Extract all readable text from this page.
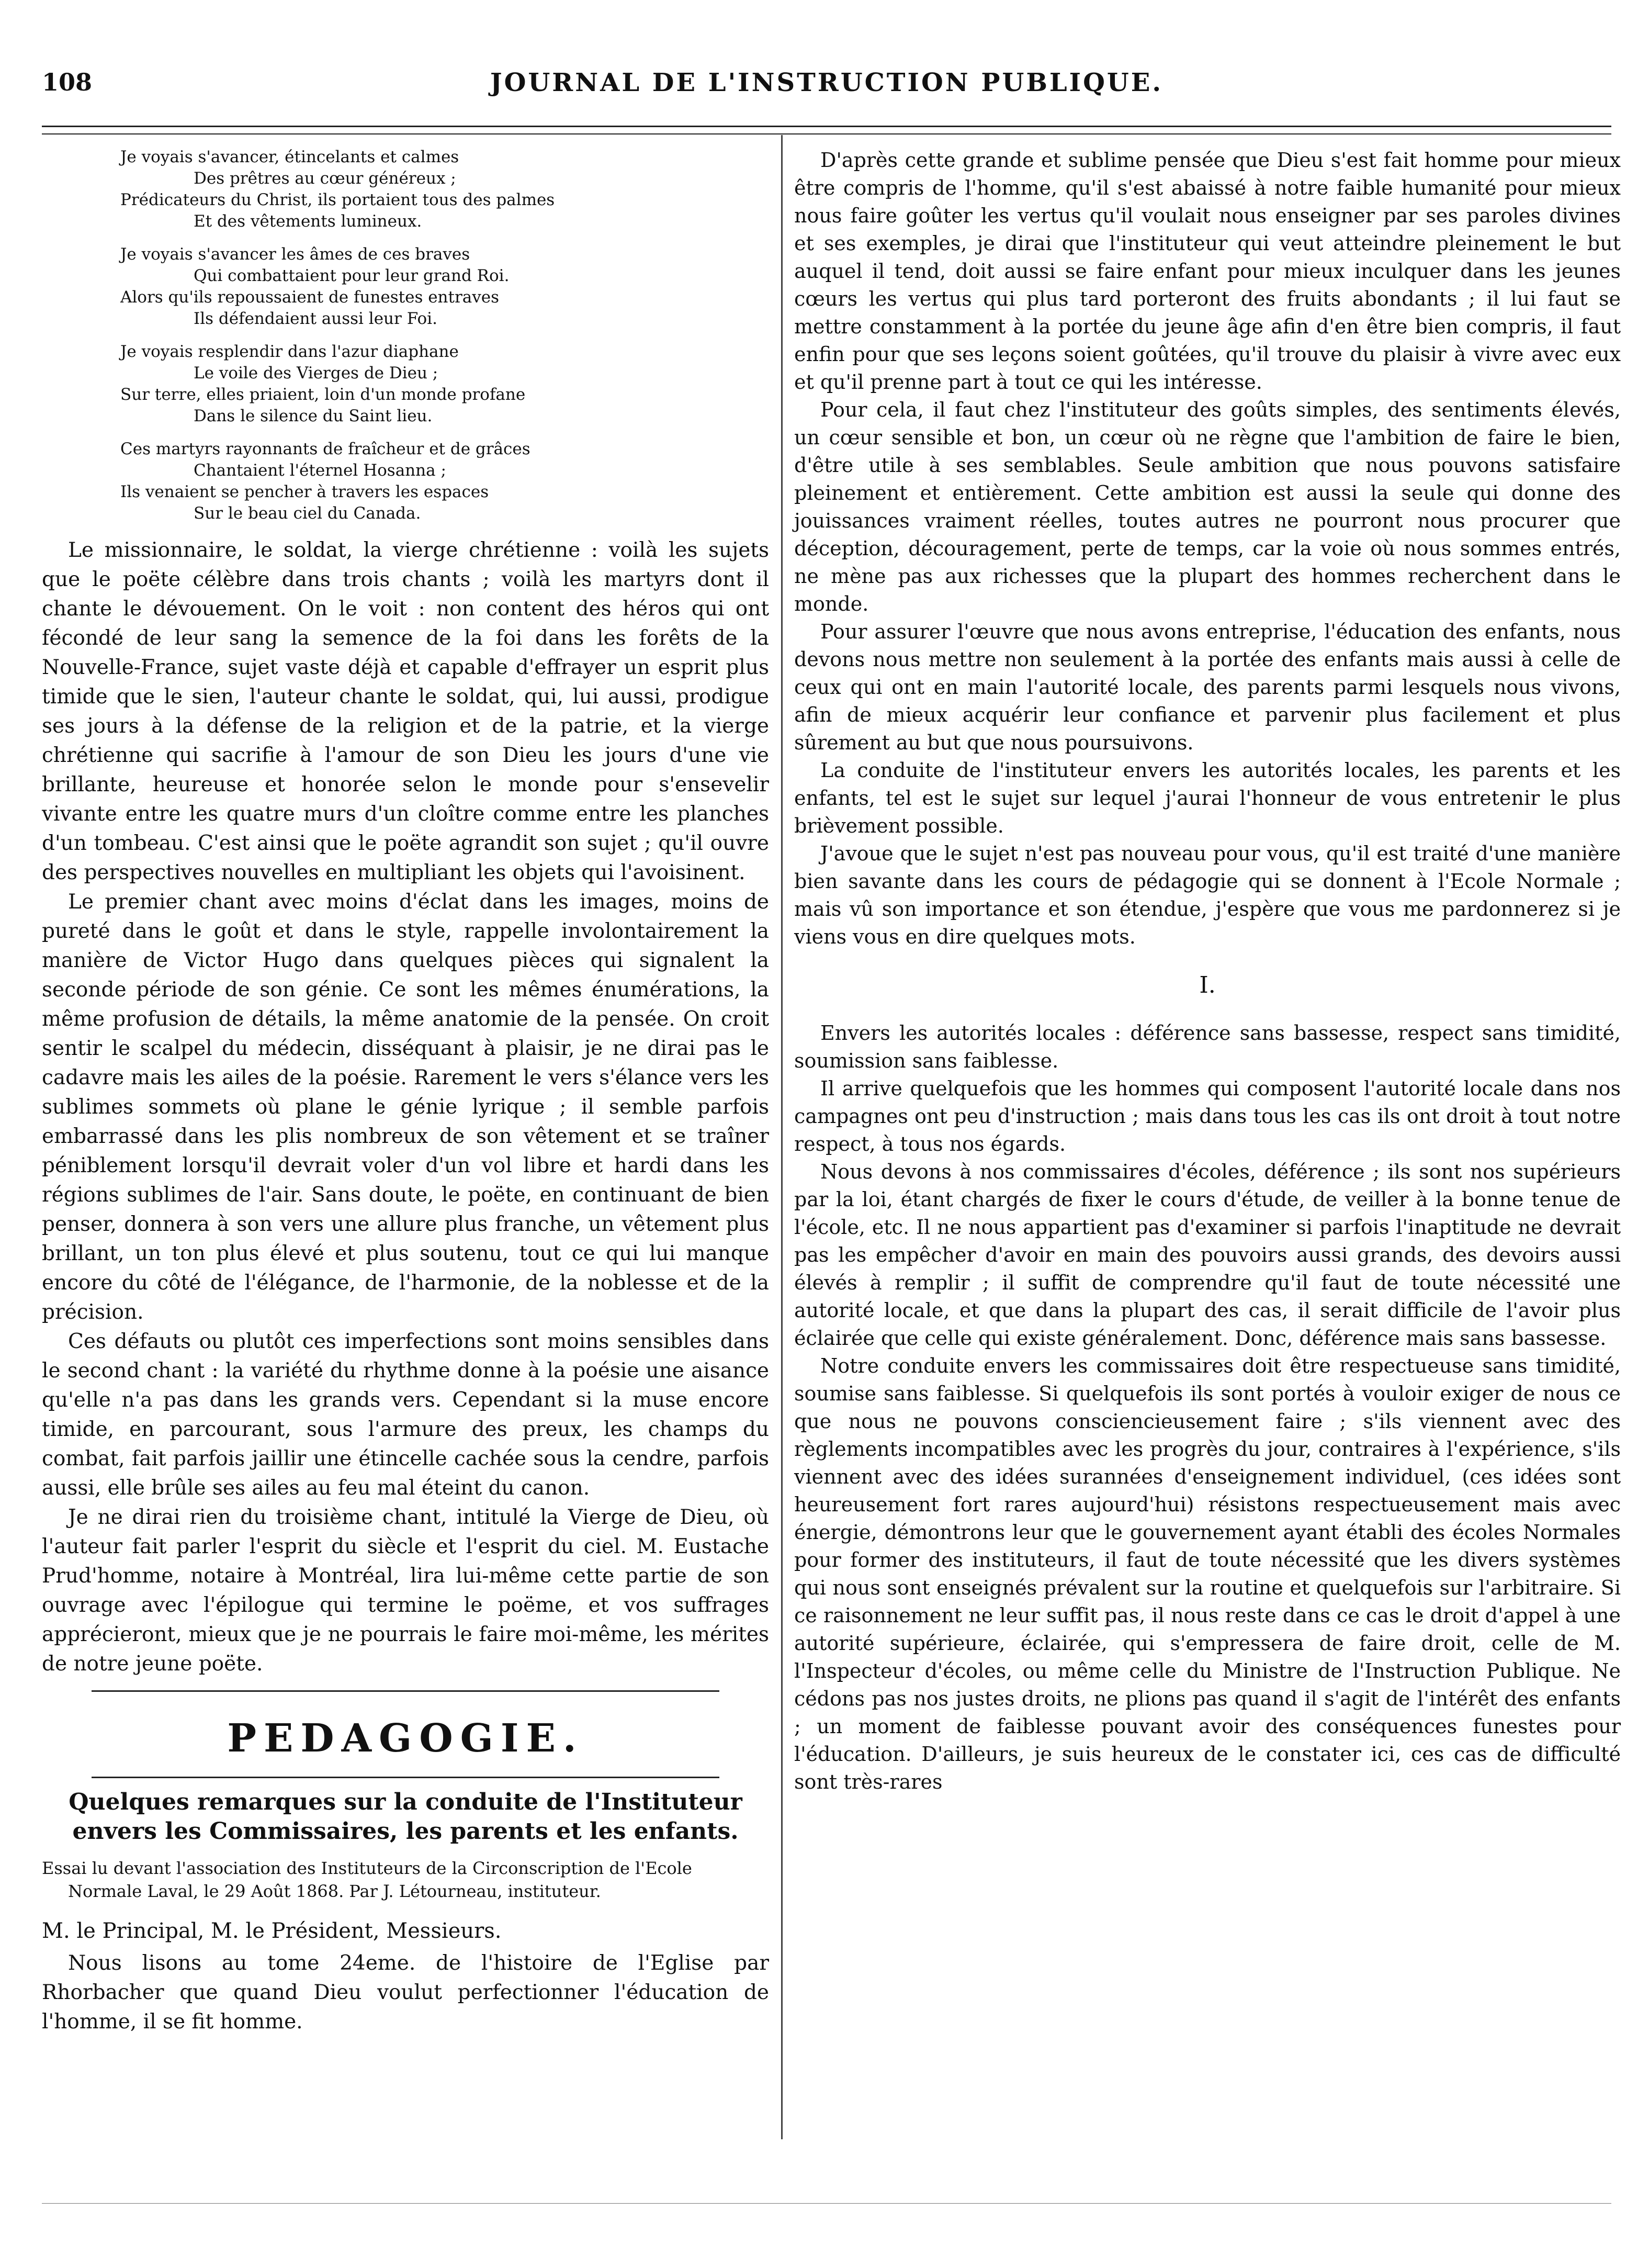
108	JOURNAL DE L'INSTRUCTION PUBLIQUE.

Je voyais s'avancer, étincelants et calmes

Des prêtres au cœur généreux ;

Prédicateurs du Christ, ils portaient tous des palmes

Et des vêtements lumineux.

Je voyais s'avancer les âmes de ces braves

Qui combattaient pour leur grand Roi.

Alors qu'ils repoussaient de funestes entraves

Ils défendaient aussi leur Foi.

Je voyais resplendir dans l'azur diaphane

Le voile des Vierges de Dieu ;

Sur terre, elles priaient, loin d'un monde profane

Dans le silence du Saint lieu.

Ces martyrs rayonnants de fraîcheur et de grâces

Chantaient l'éternel Hosanna ;

Ils venaient se pencher à travers les espaces

Sur le beau ciel du Canada.

Le missionnaire, le soldat, la vierge chrétienne : voilà les sujets que le poëte célèbre dans trois chants ; voilà les martyrs dont il chante le dévouement. On le voit : non content des héros qui ont fécondé de leur sang la semence de la foi dans les forêts de la Nouvelle-France, sujet vaste déjà et capable d'effrayer un esprit plus timide que le sien, l'auteur chante le soldat, qui, lui aussi, prodigue ses jours à la défense de la religion et de la patrie, et la vierge chrétienne qui sacrifie à l'amour de son Dieu les jours d'une vie brillante, heureuse et honorée selon le monde pour s'ensevelir vivante entre les quatre murs d'un cloître comme entre les planches d'un tombeau. C'est ainsi que le poëte agrandit son sujet ; qu'il ouvre des perspectives nouvelles en multipliant les objets qui l'avoisinent.

Le premier chant avec moins d'éclat dans les images, moins de pureté dans le goût et dans le style, rappelle involontairement la manière de Victor Hugo dans quelques pièces qui signalent la seconde période de son génie. Ce sont les mêmes énumérations, la même profusion de détails, la même anatomie de la pensée. On croit sentir le scalpel du médecin, disséquant à plaisir, je ne dirai pas le cadavre mais les ailes de la poésie. Rarement le vers s'élance vers les sublimes sommets où plane le génie lyrique ; il semble parfois embarrassé dans les plis nombreux de son vêtement et se traîner péniblement lorsqu'il devrait voler d'un vol libre et hardi dans les régions sublimes de l'air. Sans doute, le poëte, en continuant de bien penser, donnera à son vers une allure plus franche, un vêtement plus brillant, un ton plus élevé et plus soutenu, tout ce qui lui manque encore du côté de l'élégance, de l'harmonie, de la noblesse et de la précision.

Ces défauts ou plutôt ces imperfections sont moins sensibles dans le second chant : la variété du rhythme donne à la poésie une aisance qu'elle n'a pas dans les grands vers. Cependant si la muse encore timide, en parcourant, sous l'armure des preux, les champs du combat, fait parfois jaillir une étincelle cachée sous la cendre, parfois aussi, elle brûle ses ailes au feu mal éteint du canon.

Je ne dirai rien du troisième chant, intitulé la Vierge de Dieu, où l'auteur fait parler l'esprit du siècle et l'esprit du ciel. M. Eustache Prud'homme, notaire à Montréal, lira lui-même cette partie de son ouvrage avec l'épilogue qui termine le poëme, et vos suffrages apprécieront, mieux que je ne pourrais le faire moi-même, les mérites de notre jeune poëte.

PEDAGOGIE.
Quelques remarques sur la conduite de l'Instituteur envers les Commissaires, les parents et les enfants.

Essai lu devant l'association des Instituteurs de la Circonscription de l'Ecole Normale Laval, le 29 Août 1868. Par J. Létourneau, instituteur.

M. le Principal, M. le Président, Messieurs.

Nous lisons au tome 24eme. de l'histoire de l'Eglise par Rhorbacher que quand Dieu voulut perfectionner l'éducation de l'homme, il se fit homme.

D'après cette grande et sublime pensée que Dieu s'est fait homme pour mieux être compris de l'homme, qu'il s'est abaissé à notre faible humanité pour mieux nous faire goûter les vertus qu'il voulait nous enseigner par ses paroles divines et ses exemples, je dirai que l'instituteur qui veut atteindre pleinement le but auquel il tend, doit aussi se faire enfant pour mieux inculquer dans les jeunes cœurs les vertus qui plus tard porteront des fruits abondants ; il lui faut se mettre constamment à la portée du jeune âge afin d'en être bien compris, il faut enfin pour que ses leçons soient goûtées, qu'il trouve du plaisir à vivre avec eux et qu'il prenne part à tout ce qui les intéresse.

Pour cela, il faut chez l'instituteur des goûts simples, des sentiments élevés, un cœur sensible et bon, un cœur où ne règne que l'ambition de faire le bien, d'être utile à ses semblables. Seule ambition que nous pouvons satisfaire pleinement et entièrement. Cette ambition est aussi la seule qui donne des jouissances vraiment réelles, toutes autres ne pourront nous procurer que déception, découragement, perte de temps, car la voie où nous sommes entrés, ne mène pas aux richesses que la plupart des hommes recherchent dans le monde.

Pour assurer l'œuvre que nous avons entreprise, l'éducation des enfants, nous devons nous mettre non seulement à la portée des enfants mais aussi à celle de ceux qui ont en main l'autorité locale, des parents parmi lesquels nous vivons, afin de mieux acquérir leur confiance et parvenir plus facilement et plus sûrement au but que nous poursuivons.

La conduite de l'instituteur envers les autorités locales, les parents et les enfants, tel est le sujet sur lequel j'aurai l'honneur de vous entretenir le plus brièvement possible.

J'avoue que le sujet n'est pas nouveau pour vous, qu'il est traité d'une manière bien savante dans les cours de pédagogie qui se donnent à l'Ecole Normale ; mais vû son importance et son étendue, j'espère que vous me pardonnerez si je viens vous en dire quelques mots.

I.

Envers les autorités locales : déférence sans bassesse, respect sans timidité, soumission sans faiblesse.

Il arrive quelquefois que les hommes qui composent l'autorité locale dans nos campagnes ont peu d'instruction ; mais dans tous les cas ils ont droit à tout notre respect, à tous nos égards.

Nous devons à nos commissaires d'écoles, déférence ; ils sont nos supérieurs par la loi, étant chargés de fixer le cours d'étude, de veiller à la bonne tenue de l'école, etc. Il ne nous appartient pas d'examiner si parfois l'inaptitude ne devrait pas les empêcher d'avoir en main des pouvoirs aussi grands, des devoirs aussi élevés à remplir ; il suffit de comprendre qu'il faut de toute nécessité une autorité locale, et que dans la plupart des cas, il serait difficile de l'avoir plus éclairée que celle qui existe généralement. Donc, déférence mais sans bassesse.

Notre conduite envers les commissaires doit être respectueuse sans timidité, soumise sans faiblesse. Si quelquefois ils sont portés à vouloir exiger de nous ce que nous ne pouvons consciencieusement faire ; s'ils viennent avec des règlements incompatibles avec les progrès du jour, contraires à l'expérience, s'ils viennent avec des idées surannées d'enseignement individuel, (ces idées sont heureusement fort rares aujourd'hui) résistons respectueusement mais avec énergie, démontrons leur que le gouvernement ayant établi des écoles Normales pour former des instituteurs, il faut de toute nécessité que les divers systèmes qui nous sont enseignés prévalent sur la routine et quelquefois sur l'arbitraire. Si ce raisonnement ne leur suffit pas, il nous reste dans ce cas le droit d'appel à une autorité supérieure, éclairée, qui s'empressera de faire droit, celle de M. l'Inspecteur d'écoles, ou même celle du Ministre de l'Instruction Publique. Ne cédons pas nos justes droits, ne plions pas quand il s'agit de l'intérêt des enfants ; un moment de faiblesse pouvant avoir des conséquences funestes pour l'éducation. D'ailleurs, je suis heureux de le constater ici, ces cas de difficulté sont très-rares
